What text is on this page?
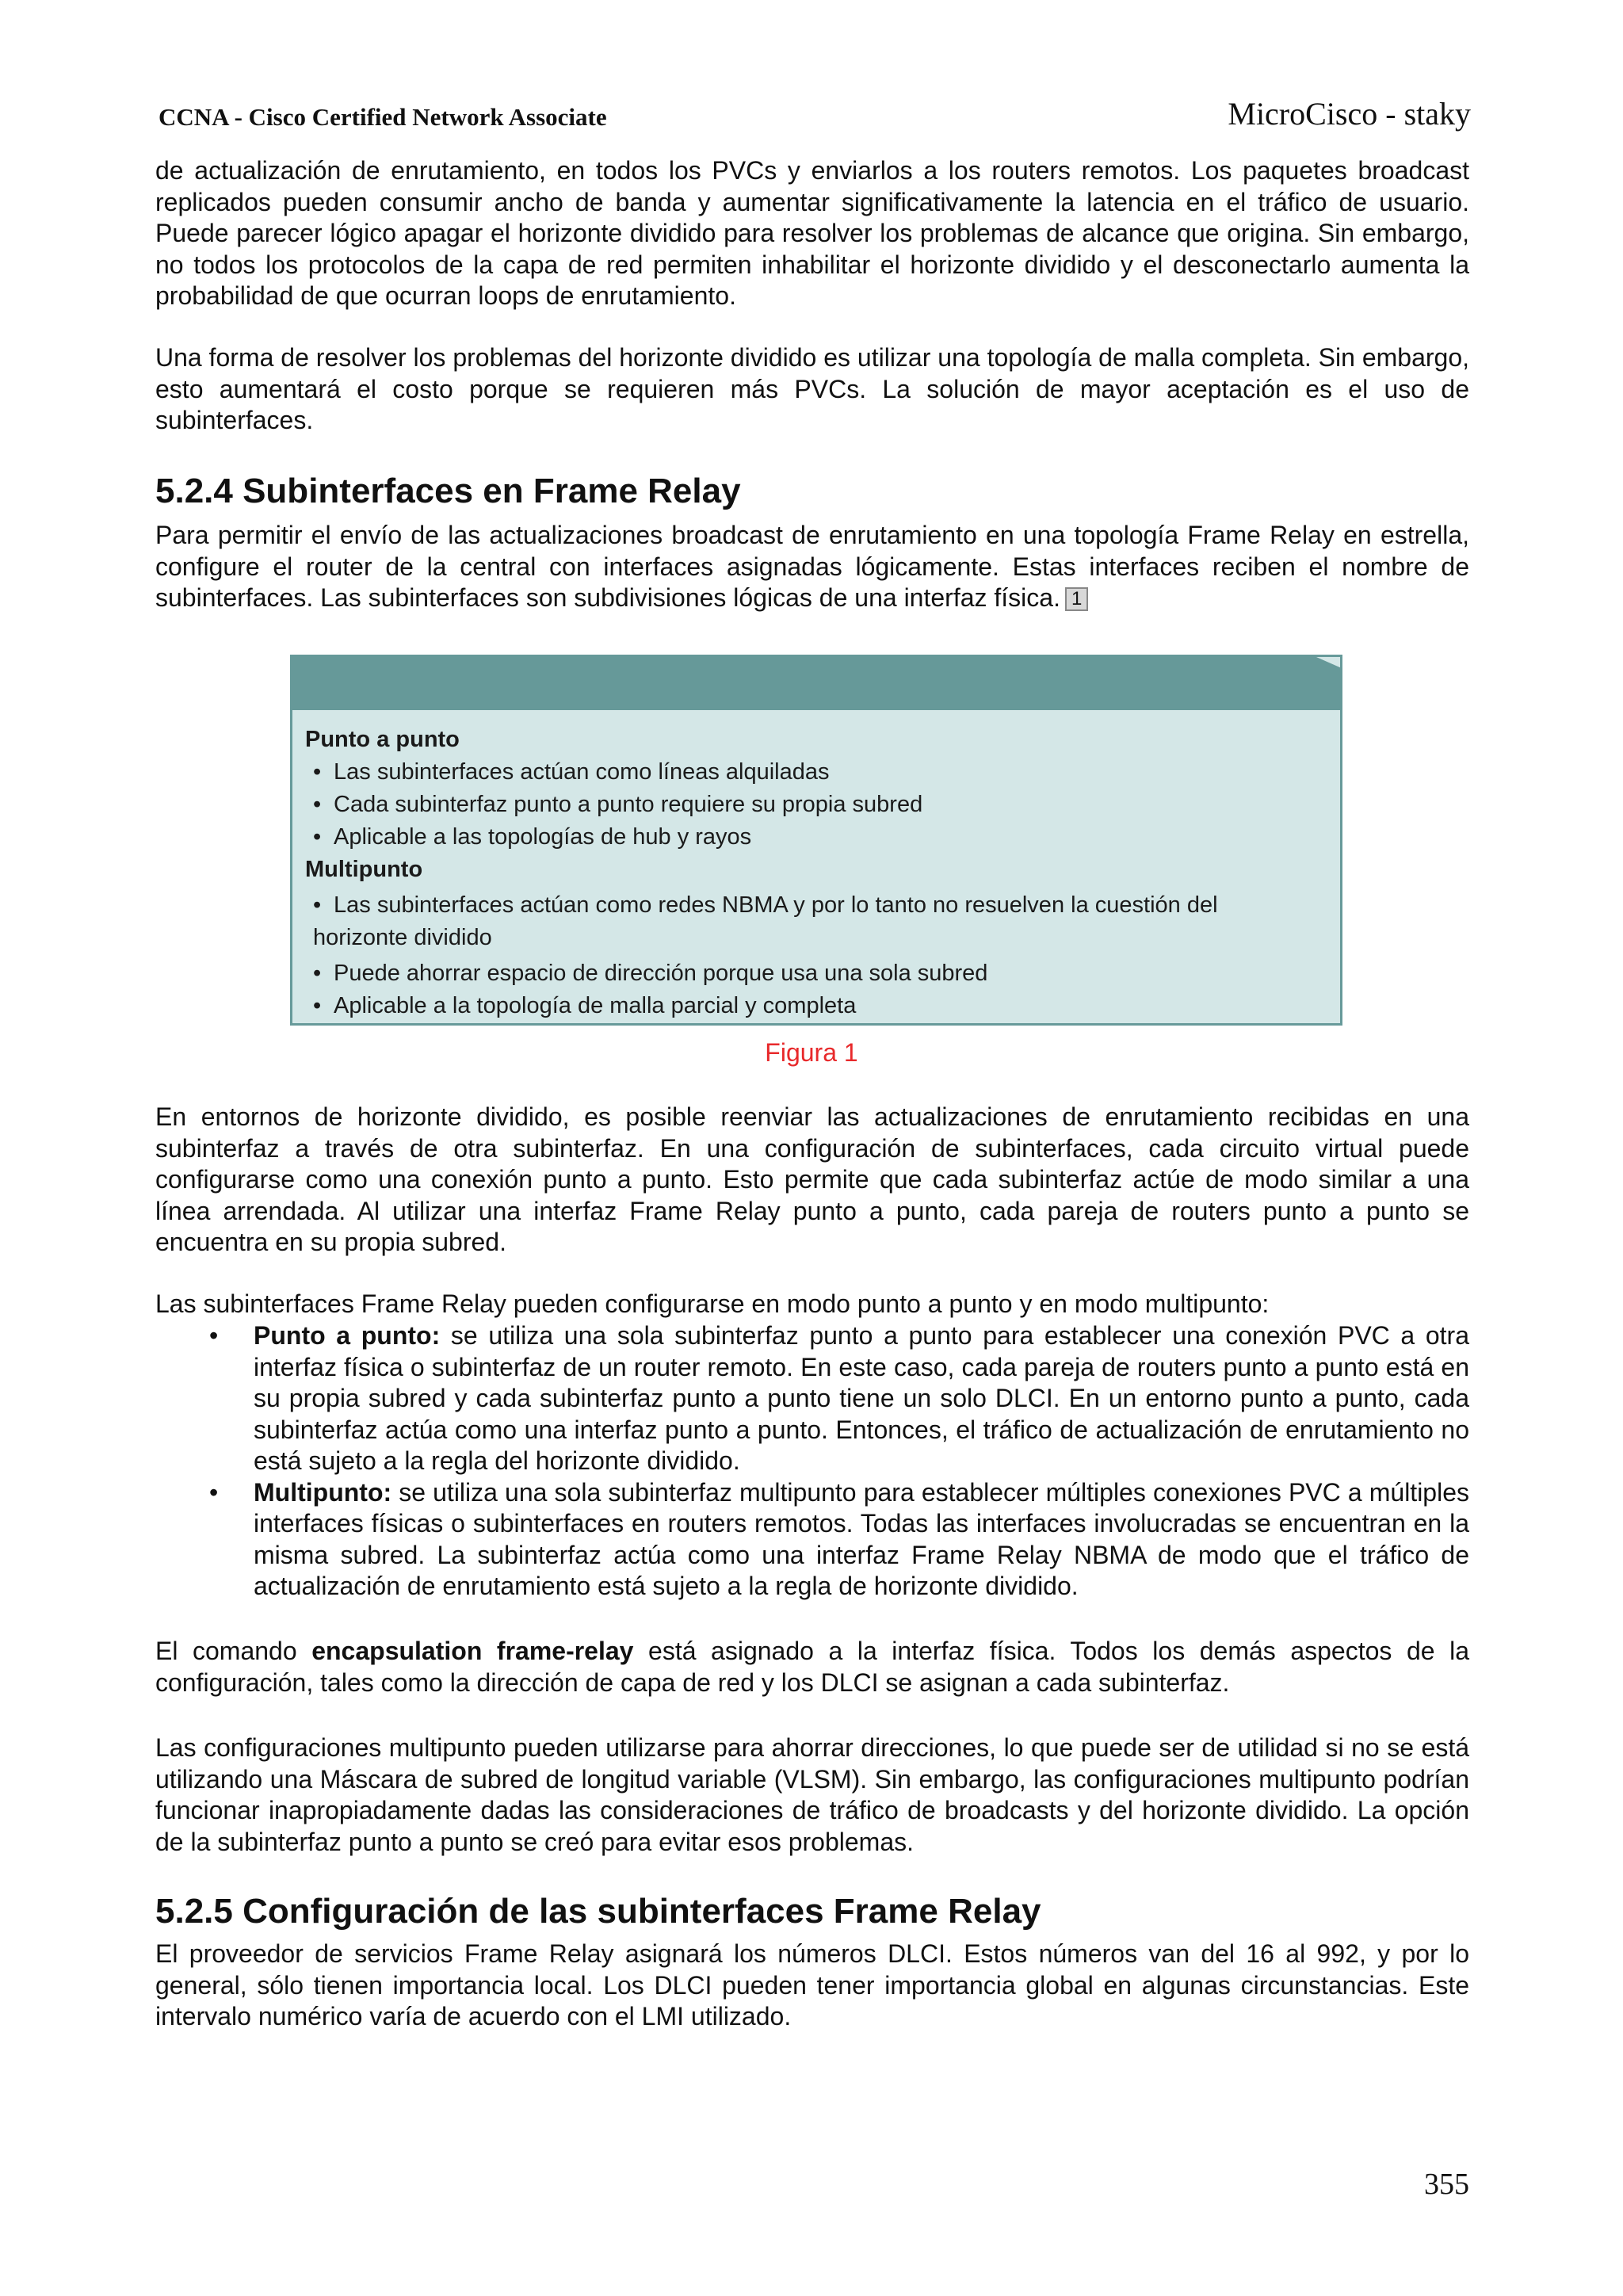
CCNA - Cisco Certified Network Associate	MicroCisco - staky

de actualización de enrutamiento, en todos los PVCs y enviarlos a los routers remotos. Los paquetes broadcast replicados pueden consumir ancho de banda y aumentar significativamente la latencia en el tráfico de usuario. Puede parecer lógico apagar el horizonte dividido para resolver los problemas de alcance que origina. Sin embargo, no todos los protocolos de la capa de red permiten inhabilitar el horizonte dividido y el desconectarlo aumenta la probabilidad de que ocurran loops de enrutamiento.

Una forma de resolver los problemas del horizonte dividido es utilizar una topología de malla completa. Sin embargo, esto aumentará el costo porque se requieren más PVCs. La solución de mayor aceptación es el uso de subinterfaces.

5.2.4 Subinterfaces en Frame Relay

Para permitir el envío de las actualizaciones broadcast de enrutamiento en una topología Frame Relay en estrella, configure el router de la central con interfaces asignadas lógicamente. Estas interfaces reciben el nombre de subinterfaces. Las subinterfaces son subdivisiones lógicas de una interfaz física. 1

Punto a punto
• Las subinterfaces actúan como líneas alquiladas
• Cada subinterfaz punto a punto requiere su propia subred
• Aplicable a las topologías de hub y rayos
Multipunto
• Las subinterfaces actúan como redes NBMA y por lo tanto no resuelven la cuestión del
horizonte dividido
• Puede ahorrar espacio de dirección porque usa una sola subred
• Aplicable a la topología de malla parcial y completa
Figura 1

En entornos de horizonte dividido, es posible reenviar las actualizaciones de enrutamiento recibidas en una subinterfaz a través de otra subinterfaz. En una configuración de subinterfaces, cada circuito virtual puede configurarse como una conexión punto a punto. Esto permite que cada subinterfaz actúe de modo similar a una línea arrendada. Al utilizar una interfaz Frame Relay punto a punto, cada pareja de routers punto a punto se encuentra en su propia subred.

Las subinterfaces Frame Relay pueden configurarse en modo punto a punto y en modo multipunto:

• Punto a punto: se utiliza una sola subinterfaz punto a punto para establecer una conexión PVC a otra interfaz física o subinterfaz de un router remoto. En este caso, cada pareja de routers punto a punto está en su propia subred y cada subinterfaz punto a punto tiene un solo DLCI. En un entorno punto a punto, cada subinterfaz actúa como una interfaz punto a punto. Entonces, el tráfico de actualización de enrutamiento no está sujeto a la regla del horizonte dividido.
• Multipunto: se utiliza una sola subinterfaz multipunto para establecer múltiples conexiones PVC a múltiples interfaces físicas o subinterfaces en routers remotos. Todas las interfaces involucradas se encuentran en la misma subred. La subinterfaz actúa como una interfaz Frame Relay NBMA de modo que el tráfico de actualización de enrutamiento está sujeto a la regla de horizonte dividido.

El comando encapsulation frame-relay está asignado a la interfaz física. Todos los demás aspectos de la configuración, tales como la dirección de capa de red y los DLCI se asignan a cada subinterfaz.

Las configuraciones multipunto pueden utilizarse para ahorrar direcciones, lo que puede ser de utilidad si no se está utilizando una Máscara de subred de longitud variable (VLSM). Sin embargo, las configuraciones multipunto podrían funcionar inapropiadamente dadas las consideraciones de tráfico de broadcasts y del horizonte dividido. La opción de la subinterfaz punto a punto se creó para evitar esos problemas.

5.2.5 Configuración de las subinterfaces Frame Relay

El proveedor de servicios Frame Relay asignará los números DLCI. Estos números van del 16 al 992, y por lo general, sólo tienen importancia local. Los DLCI pueden tener importancia global en algunas circunstancias. Este intervalo numérico varía de acuerdo con el LMI utilizado.

355
